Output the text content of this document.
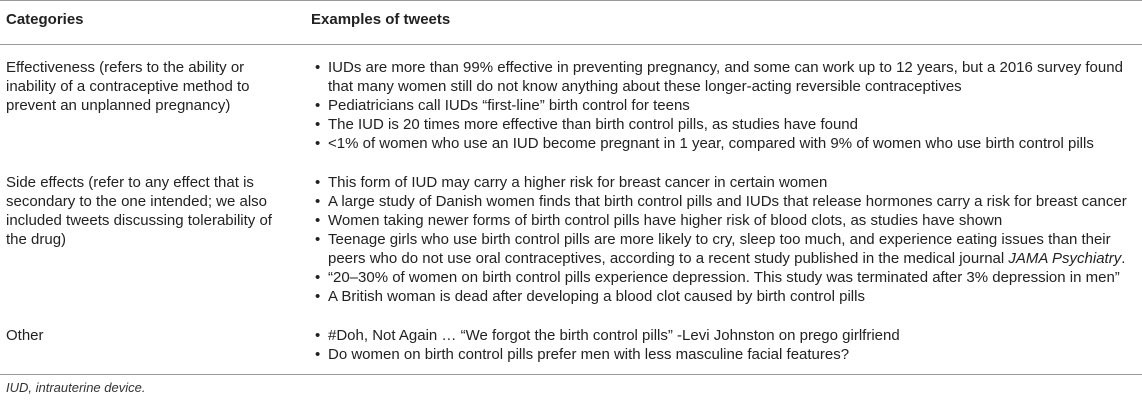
Categories	Examples of tweets
Effectiveness (refers to the ability or inability of a contraceptive method to prevent an unplanned pregnancy)
• IUDs are more than 99% effective in preventing pregnancy, and some can work up to 12 years, but a 2016 survey found that many women still do not know anything about these longer-acting reversible contraceptives
• Pediatricians call IUDs “first-line” birth control for teens
• The IUD is 20 times more effective than birth control pills, as studies have found
• <1% of women who use an IUD become pregnant in 1 year, compared with 9% of women who use birth control pills
Side effects (refer to any effect that is secondary to the one intended; we also included tweets discussing tolerability of the drug)
• This form of IUD may carry a higher risk for breast cancer in certain women
• A large study of Danish women finds that birth control pills and IUDs that release hormones carry a risk for breast cancer
• Women taking newer forms of birth control pills have higher risk of blood clots, as studies have shown
• Teenage girls who use birth control pills are more likely to cry, sleep too much, and experience eating issues than their peers who do not use oral contraceptives, according to a recent study published in the medical journal JAMA Psychiatry.
• “20–30% of women on birth control pills experience depression. This study was terminated after 3% depression in men”
• A British woman is dead after developing a blood clot caused by birth control pills
Other
•	#Doh, Not Again … “We forgot the birth control pills” -Levi Johnston on prego girlfriend
• Do women on birth control pills prefer men with less masculine facial features?
IUD, intrauterine device.
